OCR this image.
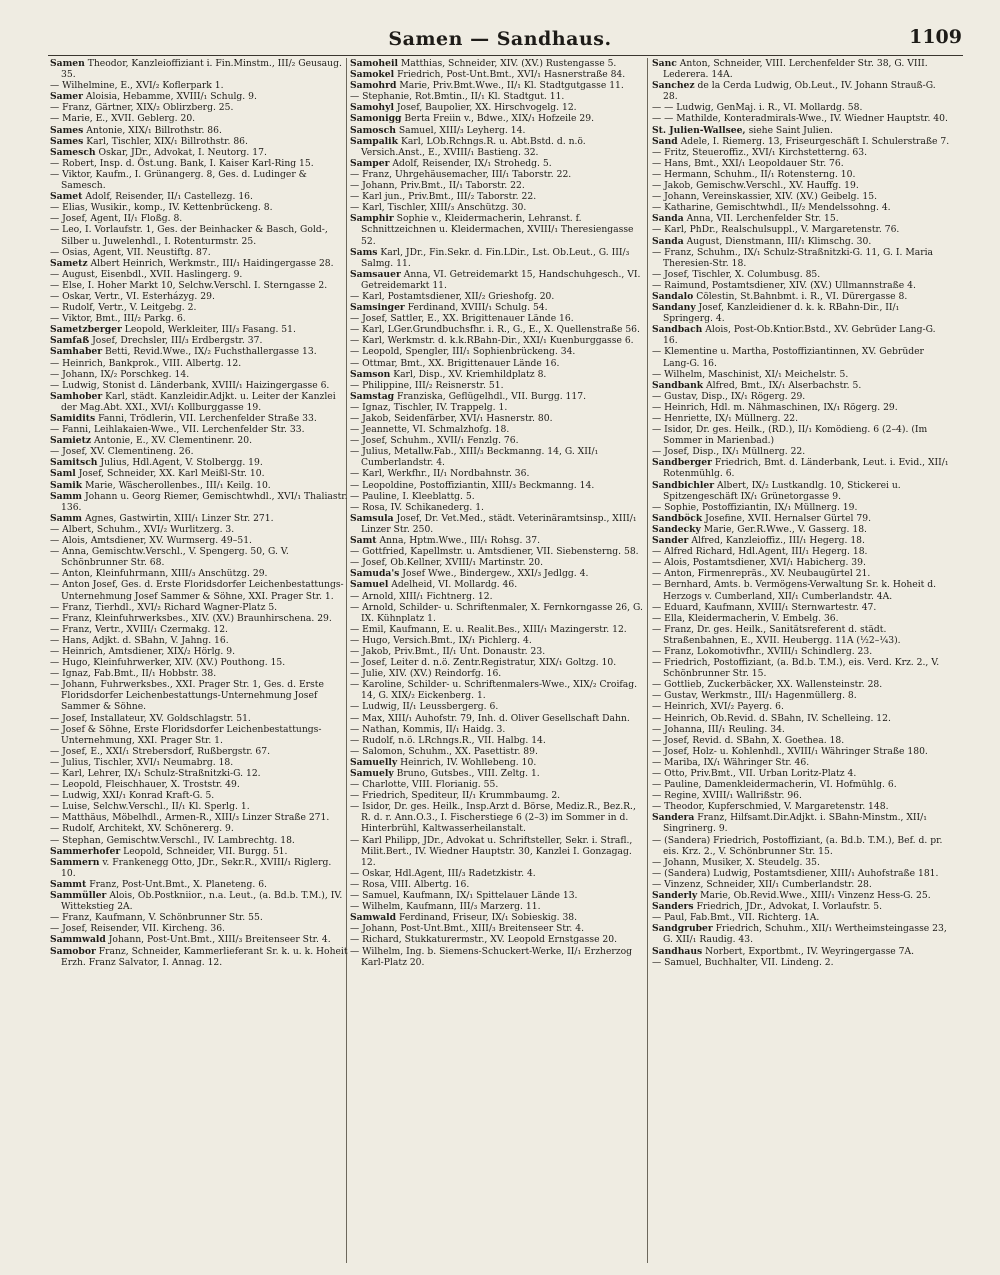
Samen — Sandhaus.	1109

Samen Theodor, Kanzleioffiziant i. Fin.Minstm., III/₂ Geusaug. 35.

— Wilhelmine, E., XVI/₂ Koflerpark 1.

Samer Aloisia, Hebamme, XVIII/₁ Schulg. 9.

— Franz, Gärtner, XIX/₂ Oblirzberg. 25.

— Marie, E., XVII. Geblerg. 20.

Sames Antonie, XIX/₁ Billrothstr. 86.

Sames Karl, Tischler, XIX/₁ Billrothstr. 86.

Samesch Oskar, JDr., Advokat, I. Neutorg. 17.

— Robert, Insp. d. Öst.ung. Bank, I. Kaiser Karl-Ring 15.

— Viktor, Kaufm., I. Grünangerg. 8, Ges. d. Ludinger & Samesch.

Samet Adolf, Reisender, II/₁ Castellezg. 16.

— Elias, Wusikir., komp., IV. Kettenbrückeng. 8.

— Josef, Agent, II/₁ Floßg. 8.

— Leo, I. Vorlaufstr. 1, Ges. der Beinhacker & Basch, Gold-, Silber u. Juwelenhdl., I. Rotenturmstr. 25.

— Osias, Agent, VII. Neustiftg. 87.

Sametz Albert Heinrich, Werkmstr., III/₁ Haidingergasse 28.

— August, Eisenbdl., XVII. Haslingerg. 9.

— Else, I. Hoher Markt 10, Selchw.Verschl. I. Sterngasse 2.

— Oskar, Vertr., VI. Esterházyg. 29.

— Rudolf, Vertr., V. Leitgebg. 2.

— Viktor, Bmt., III/₂ Parkg. 6.

Sametzberger Leopold, Werkleiter, III/₃ Fasang. 51.

Samfaß Josef, Drechsler, III/₃ Erdbergstr. 37.

Samhaber Betti, Revid.Wwe., IX/₂ Fuchsthallergasse 13.

— Heinrich, Bankprok., VIII. Albertg. 12.

— Johann, IX/₂ Porschkeg. 14.

— Ludwig, Stonist d. Länderbank, XVIII/₁ Haizingergasse 6.

Samhober Karl, städt. Kanzleidir.Adjkt. u. Leiter der Kanzlei der Mag.Abt. XXI., XVI/₁ Kollburggasse 19.

Samidits Fanni, Trödlerin, VII. Lerchenfelder Straße 33.

— Fanni, Leihlakaien-Wwe., VII. Lerchenfelder Str. 33.

Samietz Antonie, E., XV. Clementinenr. 20.

— Josef, XV. Clementineng. 26.

Samitsch Julius, Hdl.Agent, V. Stolbergg. 19.

Saml Josef, Schneider, XX. Karl Meißl-Str. 10.

Samik Marie, Wäscherollenbes., III/₁ Keilg. 10.

Samm Johann u. Georg Riemer, Gemischtwhdl., XVI/₁ Thaliastr. 136.

Samm Agnes, Gastwirtin, XIII/₁ Linzer Str. 271.

— Albert, Schuhm., XVI/₂ Wurlitzerg. 3.

— Alois, Amtsdiener, XV. Wurmserg. 49–51.

— Anna, Gemischtw.Verschl., V. Spengerg. 50, G. V. Schönbrunner Str. 68.

— Anton, Kleinfuhrmann, XIII/₃ Anschützg. 29.

— Anton Josef, Ges. d. Erste Floridsdorfer Leichenbestattungs-Unternehmung Josef Sammer & Söhne, XXI. Prager Str. 1.

— Franz, Tierhdl., XVI/₂ Richard Wagner-Platz 5.

— Franz, Kleinfuhrwerksbes., XIV. (XV.) Braunhirschena. 29.

— Franz, Vertr., XVIII/₁ Czermakg. 12.

— Hans, Adjkt. d. SBahn, V. Jahng. 16.

— Heinrich, Amtsdiener, XIX/₂ Hörlg. 9.

— Hugo, Kleinfuhrwerker, XIV. (XV.) Pouthong. 15.

— Ignaz, Fab.Bmt., II/₁ Hobbstr. 38.

— Johann, Fuhrwerksbes., XXI. Prager Str. 1, Ges. d. Erste Floridsdorfer Leichenbestattungs-Unternehmung Josef Sammer & Söhne.

— Josef, Installateur, XV. Goldschlagstr. 51.

— Josef & Söhne, Erste Floridsdorfer Leichenbestattungs-Unternehmung, XXI. Prager Str. 1.

— Josef, E., XXI/₁ Strebersdorf, Rußbergstr. 67.

— Julius, Tischler, XVI/₁ Neumabrg. 18.

— Karl, Lehrer, IX/₁ Schulz-Straßnitzki-G. 12.

— Leopold, Fleischhauer, X. Troststr. 49.

— Ludwig, XXI/₁ Konrad Kraft-G. 5.

— Luise, Selchw.Verschl., II/₁ Kl. Sperlg. 1.

— Matthäus, Möbelhdl., Armen-R., XIII/₃ Linzer Straße 271.

— Rudolf, Architekt, XV. Schönererg. 9.

— Stephan, Gemischtw.Verschl., IV. Lambrechtg. 18.

Sammerhofer Leopold, Schneider, VII. Burgg. 51.

Sammern v. Frankenegg Otto, JDr., Sekr.R., XVIII/₁ Riglerg. 10.

Sammt Franz, Post-Unt.Bmt., X. Planeteng. 6.

Sammüller Alois, Ob.Postkniior., n.a. Leut., (a. Bd.b. T.M.), IV. Wittekstieg 2A.

— Franz, Kaufmann, V. Schönbrunner Str. 55.

— Josef, Reisender, VII. Kircheng. 36.

Sammwald Johann, Post-Unt.Bmt., XIII/₃ Breitenseer Str. 4.

Samobor Franz, Schneider, Kammerlieferant Sr. k. u. k. Hoheit Erzh. Franz Salvator, I. Annag. 12.

Samoheil Matthias, Schneider, XIV. (XV.) Rustengasse 5.

Samokel Friedrich, Post-Unt.Bmt., XVI/₁ Hasnerstraße 84.

Samohrd Marie, Priv.Bmt.Wwe., II/₁ Kl. Stadtgutgasse 11.

— Stephanie, Rot.Bmtin., II/₁ Kl. Stadtgut. 11.

Samohyl Josef, Baupolier, XX. Hirschvogelg. 12.

Samonigg Berta Freiin v., Bdwe., XIX/₁ Hofzeile 29.

Samosch Samuel, XIII/₃ Leyherg. 14.

Sampalik Karl, LOb.Rchngs.R. u. Abt.Bstd. d. n.ö. Versich.Anst., E., XVIII/₁ Bastieng. 32.

Samper Adolf, Reisender, IX/₁ Strohedg. 5.

— Franz, Uhrgehäusemacher, III/₁ Taborstr. 22.

— Johann, Priv.Bmt., II/₁ Taborstr. 22.

— Karl jun., Priv.Bmt., III/₂ Taborstr. 22.

— Karl, Tischler, XIII/₃ Anschützg. 30.

Samphir Sophie v., Kleidermacherin, Lehranst. f. Schnittzeichnen u. Kleidermachen, XVIII/₁ Theresiengasse 52.

Sams Karl, JDr., Fin.Sekr. d. Fin.LDir., Lst. Ob.Leut., G. III/₃ Salmg. 11.

Samsauer Anna, VI. Getreidemarkt 15, Handschuhgesch., VI. Getreidemarkt 11.

— Karl, Postamtsdiener, XII/₂ Grieshofg. 20.

Samsinger Ferdinand, XVIII/₁ Schulg. 54.

— Josef, Sattler, E., XX. Brigittenauer Lände 16.

— Karl, LGer.Grundbuchsfhr. i. R., G., E., X. Quellenstraße 56.

— Karl, Werkmstr. d. k.k.RBahn-Dir., XXI/₁ Kuenburggasse 6.

— Leopold, Spengler, III/₁ Sophienbrückeng. 34.

— Ottmar, Bmt., XX. Brigittenauer Lände 16.

Samson Karl, Disp., XV. Kriemhildplatz 8.

— Philippine, III/₂ Reisnerstr. 51.

Samstag Franziska, Geflügelhdl., VII. Burgg. 117.

— Ignaz, Tischler, IV. Trappelg. 1.

— Jakob, Seidenfärber, XVI/₁ Hasnerstr. 80.

— Jeannette, VI. Schmalzhofg. 18.

— Josef, Schuhm., XVII/₁ Fenzlg. 76.

— Julius, Metallw.Fab., XIII/₃ Beckmanng. 14, G. XII/₁ Cumberlandstr. 4.

— Karl, Werkfhr., II/₁ Nordbahnstr. 36.

— Leopoldine, Postoffiziantin, XIII/₃ Beckmanng. 14.

— Pauline, I. Kleeblattg. 5.

— Rosa, IV. Schikanederg. 1.

Samsula Josef, Dr. Vet.Med., städt. Veterinäramtsinsp., XIII/₁ Linzer Str. 250.

Samt Anna, Hptm.Wwe., III/₁ Rohsg. 37.

— Gottfried, Kapellmstr. u. Amtsdiener, VII. Siebensterng. 58.

— Josef, Ob.Kellner, XVIII/₁ Martinstr. 20.

Samuda's Josef Wwe., Bindergew., XXI/₃ Jedlgg. 4.

Samuel Adelheid, VI. Mollardg. 46.

— Arnold, XIII/₁ Fichtnerg. 12.

— Arnold, Schilder- u. Schriftenmaler, X. Fernkorngasse 26, G. IX. Kühnplatz 1.

— Emil, Kaufmann, E. u. Realit.Bes., XIII/₁ Mazingerstr. 12.

— Hugo, Versich.Bmt., IX/₁ Pichlerg. 4.

— Jakob, Priv.Bmt., II/₁ Unt. Donaustr. 23.

— Josef, Leiter d. n.ö. Zentr.Registratur, XIX/₁ Goltzg. 10.

— Julie, XIV. (XV.) Reindorfg. 16.

— Karoline, Schilder- u. Schriftenmalers-Wwe., XIX/₂ Croifag. 14, G. XIX/₂ Eickenberg. 1.

— Ludwig, II/₁ Leussbergerg. 6.

— Max, XIII/₁ Auhofstr. 79, Inh. d. Oliver Gesellschaft Dahn.

— Nathan, Kommis, II/₁ Haidg. 3.

— Rudolf, n.ö. LRchngs.R., VII. Halbg. 14.

— Salomon, Schuhm., XX. Pasettistr. 89.

Samuelly Heinrich, IV. Wohllebeng. 10.

Samuely Bruno, Gutsbes., VIII. Zeltg. 1.

— Charlotte, VIII. Florianig. 55.

— Friedrich, Spediteur, II/₁ Krummbaumg. 2.

— Isidor, Dr. ges. Heilk., Insp.Arzt d. Börse, Mediz.R., Bez.R., R. d. r. Ann.O.3., I. Fischerstiege 6 (2–3) im Sommer in d. Hinterbrühl, Kaltwasserheilanstalt.

— Karl Philipp, JDr., Advokat u. Schriftsteller, Sekr. i. Strafl., Milit.Bert., IV. Wiedner Hauptstr. 30, Kanzlei I. Gonzagag. 12.

— Oskar, Hdl.Agent, III/₃ Radetzkistr. 4.

— Rosa, VIII. Albertg. 16.

— Samuel, Kaufmann, IX/₁ Spittelauer Lände 13.

— Wilhelm, Kaufmann, III/₃ Marzerg. 11.

Samwald Ferdinand, Friseur, IX/₁ Sobieskig. 38.

— Johann, Post-Unt.Bmt., XIII/₃ Breitenseer Str. 4.

— Richard, Stukkaturermstr., XV. Leopold Ernstgasse 20.

— Wilhelm, Ing. b. Siemens-Schuckert-Werke, II/₁ Erzherzog Karl-Platz 20.

Sanc Anton, Schneider, VIII. Lerchenfelder Str. 38, G. VIII. Lederera. 14A.

Sanchez de la Cerda Ludwig, Ob.Leut., IV. Johann Strauß-G. 28.

— — Ludwig, GenMaj. i. R., VI. Mollardg. 58.

— — Mathilde, Konteradmirals-Wwe., IV. Wiedner Hauptstr. 40.

St. Julien-Wallsee, siehe Saint Julien.

Sand Adele, I. Riemerg. 13, Friseurgeschäft I. Schulerstraße 7.

— Fritz, Steueroffiz., XVI/₁ Kirchstetterng. 63.

— Hans, Bmt., XXI/₁ Leopoldauer Str. 76.

— Hermann, Schuhm., II/₁ Rotensterng. 10.

— Jakob, Gemischw.Verschl., XV. Hauffg. 19.

— Johann, Vereinskassier, XIV. (XV.) Geibelg. 15.

— Katharine, Gemischtwhdl., II/₂ Mendelssohng. 4.

Sanda Anna, VII. Lerchenfelder Str. 15.

— Karl, PhDr., Realschulsuppl., V. Margaretenstr. 76.

Sanda August, Dienstmann, III/₁ Klimschg. 30.

— Franz, Schuhm., IX/₁ Schulz-Straßnitzki-G. 11, G. I. Maria Theresien-Str. 18.

— Josef, Tischler, X. Columbusg. 85.

— Raimund, Postamtsdiener, XIV. (XV.) Ullmannstraße 4.

Sandalo Cölestin, St.Bahnbmt. i. R., VI. Dürergasse 8.

Sandany Josef, Kanzleidiener d. k. k. RBahn-Dir., II/₁ Springerg. 4.

Sandbach Alois, Post-Ob.Kntior.Bstd., XV. Gebrüder Lang-G. 16.

— Klementine u. Martha, Postoffiziantinnen, XV. Gebrüder Lang-G. 16.

— Wilhelm, Maschinist, XI/₁ Meichelstr. 5.

Sandbank Alfred, Bmt., IX/₁ Alserbachstr. 5.

— Gustav, Disp., IX/₁ Rögerg. 29.

— Heinrich, Hdl. m. Nähmaschinen, IX/₁ Rögerg. 29.

— Henriette, IX/₁ Müllnerg. 22.

— Isidor, Dr. ges. Heilk., (RD.), II/₁ Komödieng. 6 (2–4). (Im Sommer in Marienbad.)

— Josef, Disp., IX/₁ Müllnerg. 22.

Sandberger Friedrich, Bmt. d. Länderbank, Leut. i. Evid., XII/₁ Rotenmühlg. 6.

Sandbichler Albert, IX/₂ Lustkandlg. 10, Stickerei u. Spitzengeschäft IX/₁ Grünetorgasse 9.

— Sophie, Postoffiziantin, IX/₁ Müllnerg. 19.

Sandböck Josefine, XVII. Hernalser Gürtel 79.

Sandecky Marie, Ger.R.Wwe., V. Gasserg. 18.

Sander Alfred, Kanzleioffiz., III/₁ Hegerg. 18.

— Alfred Richard, Hdl.Agent, III/₁ Hegerg. 18.

— Alois, Postamtsdiener, XVI/₁ Habicherg. 39.

— Anton, Firmenrepräs., XV. Neubaugürtel 21.

— Bernhard, Amts. b. Vermögens-Verwaltung Sr. k. Hoheit d. Herzogs v. Cumberland, XII/₁ Cumberlandstr. 4A.

— Eduard, Kaufmann, XVIII/₁ Sternwartestr. 47.

— Ella, Kleidermacherin, V. Embelg. 36.

— Franz, Dr. ges. Heilk., Sanitätsreferent d. städt. Straßenbahnen, E., XVII. Heubergg. 11A (½2–¼3).

— Franz, Lokomotivfhr., XVIII/₁ Schindlerg. 23.

— Friedrich, Postoffiziant, (a. Bd.b. T.M.), eis. Verd. Krz. 2., V. Schönbrunner Str. 15.

— Gottlieb, Zuckerbäcker, XX. Wallensteinstr. 28.

— Gustav, Werkmstr., III/₁ Hagenmüllerg. 8.

— Heinrich, XVI/₂ Payerg. 6.

— Heinrich, Ob.Revid. d. SBahn, IV. Schelleing. 12.

— Johanna, III/₁ Reuling. 34.

— Josef, Revid. d. SBahn, X. Goethea. 18.

— Josef, Holz- u. Kohlenhdl., XVIII/₁ Währinger Straße 180.

— Mariba, IX/₁ Währinger Str. 46.

— Otto, Priv.Bmt., VII. Urban Loritz-Platz 4.

— Pauline, Damenkleidermacherin, VI. Hofmühlg. 6.

— Regine, XVIII/₁ Wallrißstr. 96.

— Theodor, Kupferschmied, V. Margaretenstr. 148.

Sandera Franz, Hilfsamt.Dir.Adjkt. i. SBahn-Minstm., XII/₁ Singrinerg. 9.

— (Sandera) Friedrich, Postoffiziant, (a. Bd.b. T.M.), Bef. d. pr. eis. Krz. 2., V. Schönbrunner Str. 15.

— Johann, Musiker, X. Steudelg. 35.

— (Sandera) Ludwig, Postamtsdiener, XIII/₁ Auhofstraße 181.

— Vinzenz, Schneider, XII/₁ Cumberlandstr. 28.

Sanderly Marie, Ob.Revid.Wwe., XIII/₁ Vinzenz Hess-G. 25.

Sanders Friedrich, JDr., Advokat, I. Vorlaufstr. 5.

— Paul, Fab.Bmt., VII. Richterg. 1A.

Sandgruber Friedrich, Schuhm., XII/₁ Wertheimsteingasse 23, G. XII/₁ Raudig. 43.

Sandhaus Norbert, Exportbmt., IV. Weyringergasse 7A.

— Samuel, Buchhalter, VII. Lindeng. 2.
